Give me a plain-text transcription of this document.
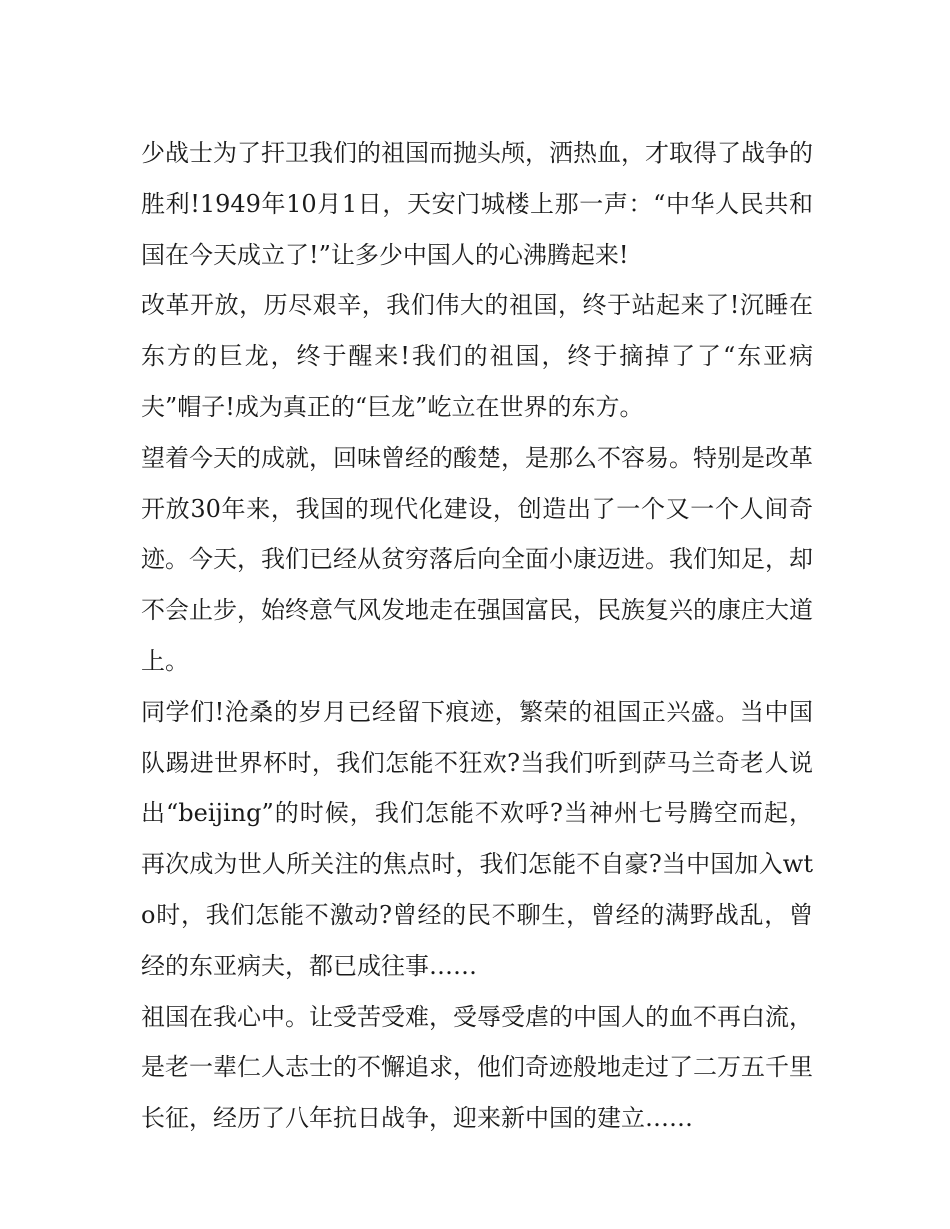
少战士为了扞卫我们的祖国而抛头颅，洒热血，才取得了战争的胜利!1949年10月1日，天安门城楼上那一声：“中华人民共和国在今天成立了!”让多少中国人的心沸腾起来!

改革开放，历尽艰辛，我们伟大的祖国，终于站起来了!沉睡在东方的巨龙，终于醒来!我们的祖国，终于摘掉了了“东亚病夫”帽子!成为真正的“巨龙”屹立在世界的东方。

望着今天的成就，回味曾经的酸楚，是那么不容易。特别是改革开放30年来，我国的现代化建设，创造出了一个又一个人间奇迹。今天，我们已经从贫穷落后向全面小康迈进。我们知足，却不会止步，始终意气风发地走在强国富民，民族复兴的康庄大道上。

同学们!沧桑的岁月已经留下痕迹，繁荣的祖国正兴盛。当中国队踢进世界杯时，我们怎能不狂欢?当我们听到萨马兰奇老人说出“beijing”的时候，我们怎能不欢呼?当神州七号腾空而起，再次成为世人所关注的焦点时，我们怎能不自豪?当中国加入wto时，我们怎能不激动?曾经的民不聊生，曾经的满野战乱，曾经的东亚病夫，都已成往事……

祖国在我心中。让受苦受难，受辱受虐的中国人的血不再白流，是老一辈仁人志士的不懈追求，他们奇迹般地走过了二万五千里长征，经历了八年抗日战争，迎来新中国的建立……
